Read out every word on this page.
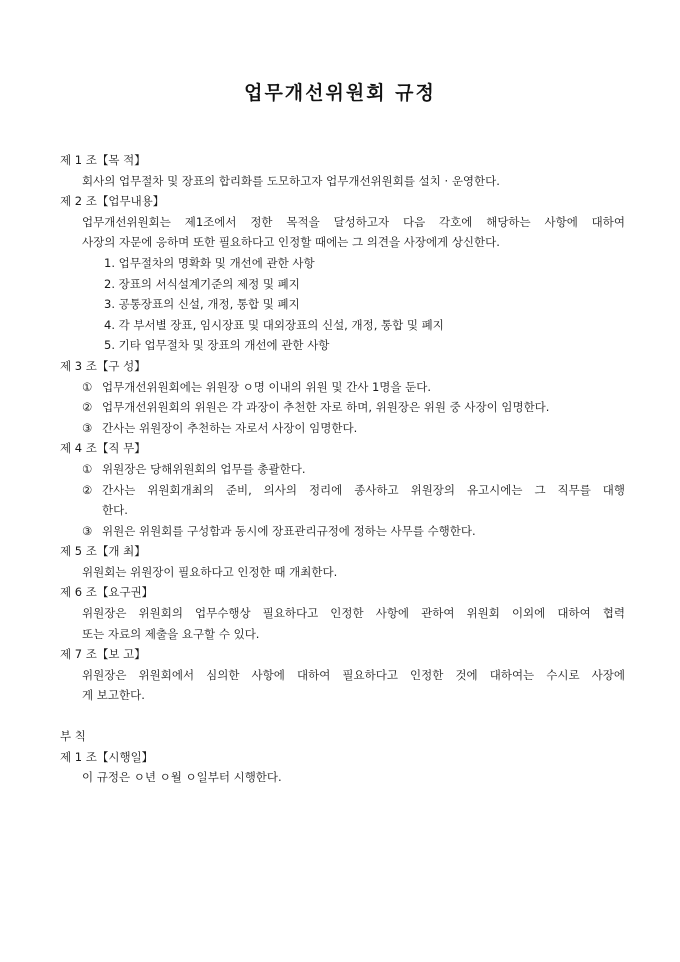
업무개선위원회 규정
제 1 조【목 적】
회사의 업무절차 및 장표의 합리화를 도모하고자 업무개선위원회를 설치 · 운영한다.
제 2 조【업무내용】
업무개선위원회는 제1조에서 정한 목적을 달성하고자 다음 각호에 해당하는 사항에 대하여
사장의 자문에 응하며 또한 필요하다고 인정할 때에는 그 의견을 사장에게 상신한다.
1. 업무절차의 명확화 및 개선에 관한 사항
2. 장표의 서식설계기준의 제정 및 폐지
3. 공통장표의 신설, 개정, 통합 및 폐지
4. 각 부서별 장표, 임시장표 및 대외장표의 신설, 개정, 통합 및 폐지
5. 기타 업무절차 및 장표의 개선에 관한 사항
제 3 조【구 성】
① 업무개선위원회에는 위원장 ㅇ명 이내의 위원 및 간사 1명을 둔다.
② 업무개선위원회의 위원은 각 과장이 추천한 자로 하며, 위원장은 위원 중 사장이 임명한다.
③ 간사는 위원장이 추천하는 자로서 사장이 임명한다.
제 4 조【직 무】
① 위원장은 당해위원회의 업무를 총괄한다.
② 간사는 위원회개최의 준비, 의사의 정리에 종사하고 위원장의 유고시에는 그 직무를 대행
한다.
③ 위원은 위원회를 구성함과 동시에 장표관리규정에 정하는 사무를 수행한다.
제 5 조【개 최】
위원회는 위원장이 필요하다고 인정한 때 개최한다.
제 6 조【요구권】
위원장은 위원회의 업무수행상 필요하다고 인정한 사항에 관하여 위원회 이외에 대하여 협력
또는 자료의 제출을 요구할 수 있다.
제 7 조【보 고】
위원장은 위원회에서 심의한 사항에 대하여 필요하다고 인정한 것에 대하여는 수시로 사장에
게 보고한다.
부 칙
제 1 조【시행일】
이 규정은 ㅇ년 ㅇ월 ㅇ일부터 시행한다.
